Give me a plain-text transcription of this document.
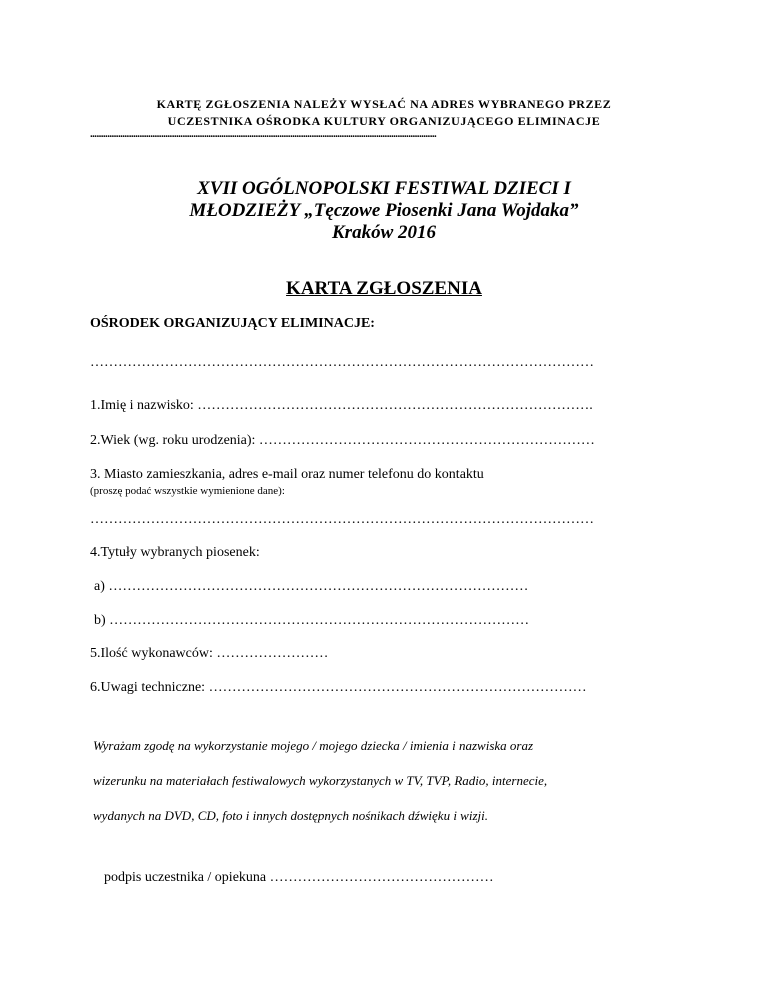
KARTĘ ZGŁOSZENIA NALEŻY WYSŁAĆ NA ADRES WYBRANEGO PRZEZ
UCZESTNIKA OŚRODKA KULTURY ORGANIZUJĄCEGO ELIMINACJE
.................................................................................................................................................................
XVII OGÓLNOPOLSKI FESTIWAL DZIECI I
MŁODZIEŻY „Tęczowe Piosenki Jana Wojdaka”
Kraków 2016
KARTA ZGŁOSZENIA
OŚRODEK ORGANIZUJĄCY ELIMINACJE:
………………………………………………………………………………………………
1.Imię i nazwisko: ………………………………………………………………………….
2.Wiek (wg. roku urodzenia): ………………………………………………………………
3. Miasto zamieszkania, adres e-mail oraz numer telefonu do kontaktu
(proszę podać wszystkie wymienione dane):
………………………………………………………………………………………………
4.Tytuły wybranych piosenek:
a) ………………………………………………………………………………
b) ………………………………………………………………………………
5.Ilość wykonawców: ……………………
6.Uwagi techniczne: ………………………………………………………………………
Wyrażam zgodę na wykorzystanie mojego / mojego dziecka / imienia i nazwiska oraz
wizerunku na materiałach festiwalowych wykorzystanych w TV, TVP, Radio, internecie,
wydanych na DVD, CD, foto i innych dostępnych nośnikach dźwięku i wizji.
podpis uczestnika / opiekuna …………………………………………
